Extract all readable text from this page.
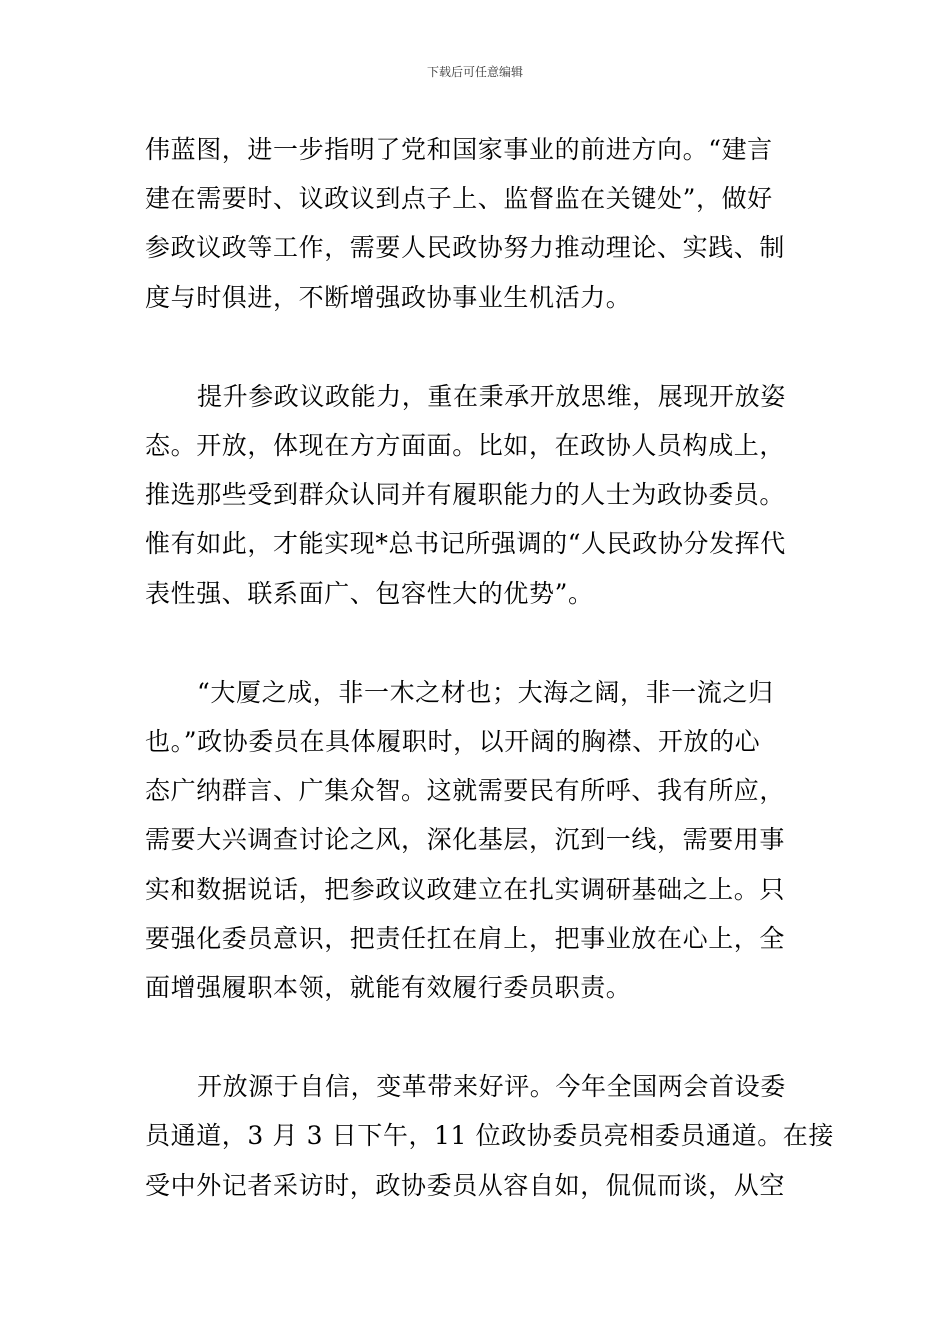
下载后可任意编辑

伟蓝图，进一步指明了党和国家事业的前进方向。“建言
建在需要时、议政议到点子上、监督监在关键处”，做好
参政议政等工作，需要人民政协努力推动理论、实践、制
度与时俱进，不断增强政协事业生机活力。

提升参政议政能力，重在秉承开放思维，展现开放姿
态。开放，体现在方方面面。比如，在政协人员构成上，
推选那些受到群众认同并有履职能力的人士为政协委员。
惟有如此，才能实现*总书记所强调的“人民政协分发挥代
表性强、联系面广、包容性大的优势”。

“大厦之成，非一木之材也；大海之阔，非一流之归
也。”政协委员在具体履职时，以开阔的胸襟、开放的心
态广纳群言、广集众智。这就需要民有所呼、我有所应，
需要大兴调查讨论之风，深化基层，沉到一线，需要用事
实和数据说话，把参政议政建立在扎实调研基础之上。只
要强化委员意识，把责任扛在肩上，把事业放在心上，全
面增强履职本领，就能有效履行委员职责。

开放源于自信，变革带来好评。今年全国两会首设委
员通道，3 月 3 日下午，11 位政协委员亮相委员通道。在接
受中外记者采访时，政协委员从容自如，侃侃而谈，从空
